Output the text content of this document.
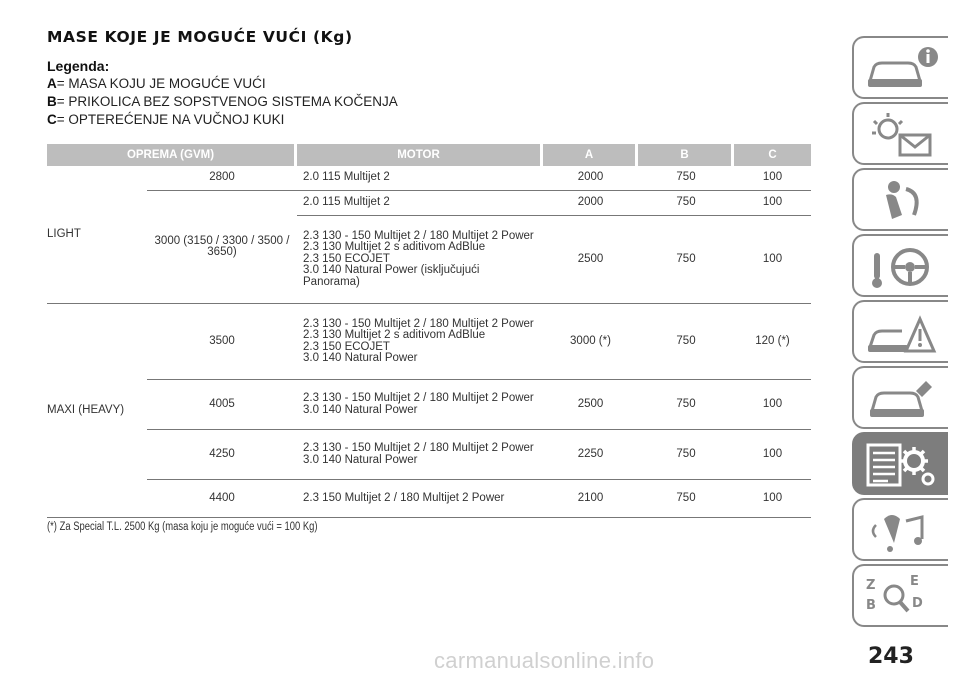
MASE KOJE JE MOGUĆE VUĆI (Kg)
Legenda:
A= MASA KOJU JE MOGUĆE VUĆI
B= PRIKOLICA BEZ SOPSTVENOG SISTEMA KOČENJA
C= OPTEREĆENJE NA VUČNOJ KUKI
OPREMA (GVM)		MOTOR	A	B	C
LIGHT	2800	2.0 115 Multijet 2	2000	750	100
	3000 (3150 / 3300 / 3500 / 3650)	2.0 115 Multijet 2	2000	750	100

		2.3 130 - 150 Multijet 2 / 180 Multijet 2 Power
2.3 130 Multijet 2 s aditivom AdBlue
2.3 150 ECOJET
3.0 140 Natural Power (isključujući Panorama)	2500	750	100
MAXI (HEAVY)	3500	2.3 130 - 150 Multijet 2 / 180 Multijet 2 Power
2.3 130 Multijet 2 s aditivom AdBlue
2.3 150 ECOJET
3.0 140 Natural Power	3000 (*)	750	120 (*)
	4005	2.3 130 - 150 Multijet 2 / 180 Multijet 2 Power
3.0 140 Natural Power	2500	750	100
	4250	2.3 130 - 150 Multijet 2 / 180 Multijet 2 Power
3.0 140 Natural Power	2250	750	100
	4400	2.3 150 Multijet 2 / 180 Multijet 2 Power	2100	750	100
(*) Za Special T.L. 2500 Kg (masa koju je moguće vući = 100 Kg)
Z	E
B	D
243
carmanualsonline.info
